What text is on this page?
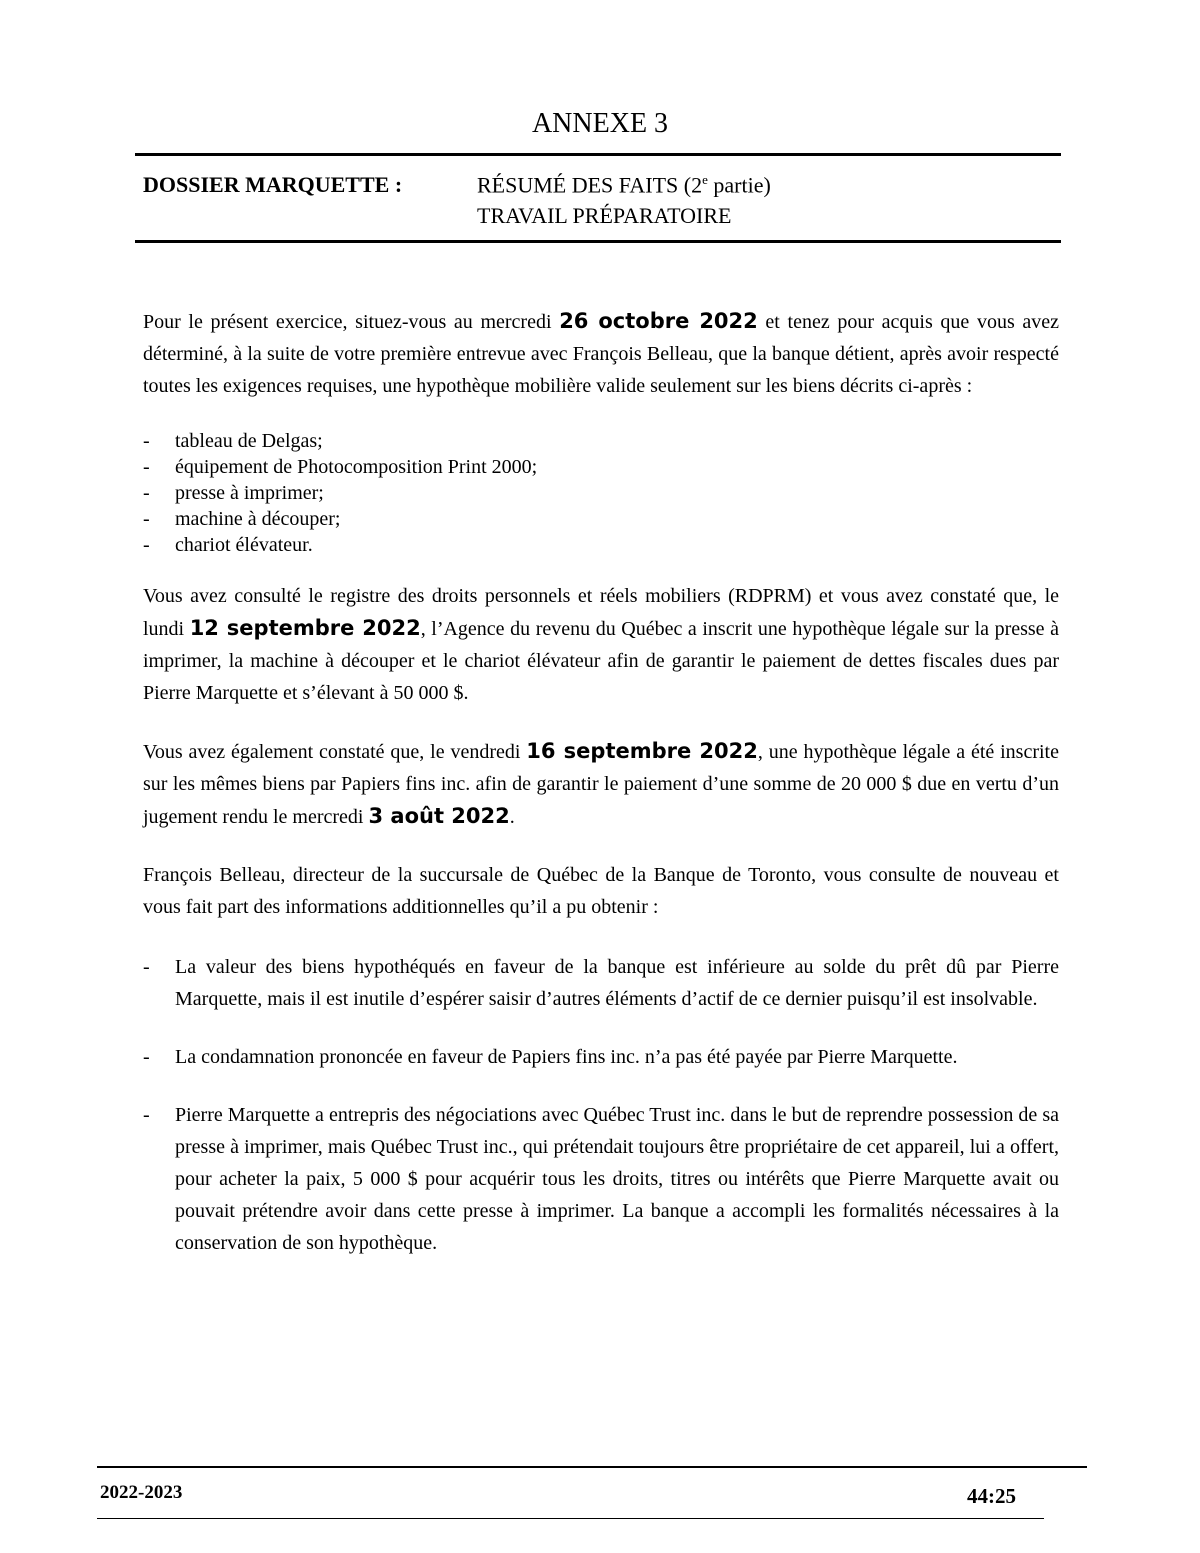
ANNEXE 3
DOSSIER MARQUETTE :	RÉSUMÉ DES FAITS (2e partie)
TRAVAIL PRÉPARATOIRE

Pour le présent exercice, situez-vous au mercredi 26 octobre 2022 et tenez pour acquis que vous avez déterminé, à la suite de votre première entrevue avec François Belleau, que la banque détient, après avoir respecté toutes les exigences requises, une hypothèque mobilière valide seulement sur les biens décrits ci-après :

- tableau de Delgas;
- équipement de Photocomposition Print 2000;
- presse à imprimer;
- machine à découper;
- chariot élévateur.

Vous avez consulté le registre des droits personnels et réels mobiliers (RDPRM) et vous avez constaté que, le lundi 12 septembre 2022, l’Agence du revenu du Québec a inscrit une hypothèque légale sur la presse à imprimer, la machine à découper et le chariot élévateur afin de garantir le paiement de dettes fiscales dues par Pierre Marquette et s’élevant à 50 000 $.

Vous avez également constaté que, le vendredi 16 septembre 2022, une hypothèque légale a été inscrite sur les mêmes biens par Papiers fins inc. afin de garantir le paiement d’une somme de 20 000 $ due en vertu d’un jugement rendu le mercredi 3 août 2022.

François Belleau, directeur de la succursale de Québec de la Banque de Toronto, vous consulte de nouveau et vous fait part des informations additionnelles qu’il a pu obtenir :

- La valeur des biens hypothéqués en faveur de la banque est inférieure au solde du prêt dû par Pierre Marquette, mais il est inutile d’espérer saisir d’autres éléments d’actif de ce dernier puisqu’il est insolvable.
- La condamnation prononcée en faveur de Papiers fins inc. n’a pas été payée par Pierre Marquette.
- Pierre Marquette a entrepris des négociations avec Québec Trust inc. dans le but de reprendre possession de sa presse à imprimer, mais Québec Trust inc., qui prétendait toujours être propriétaire de cet appareil, lui a offert, pour acheter la paix, 5 000 $ pour acquérir tous les droits, titres ou intérêts que Pierre Marquette avait ou pouvait prétendre avoir dans cette presse à imprimer. La banque a accompli les formalités nécessaires à la conservation de son hypothèque.
2022-2023	44:25
